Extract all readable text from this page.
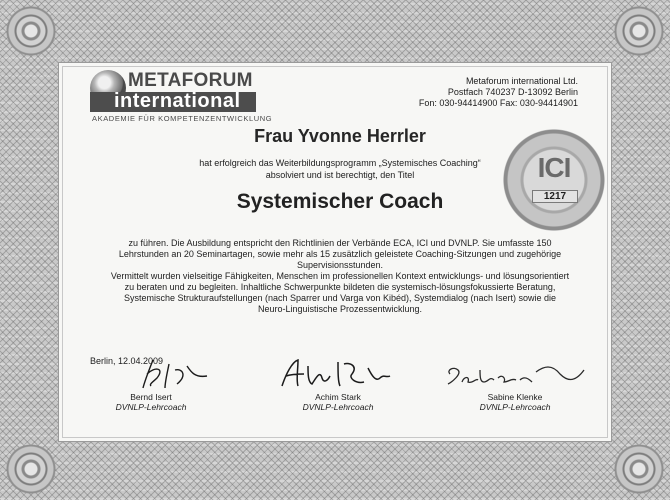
METAFORUM
international
AKADEMIE FÜR KOMPETENZENTWICKLUNG
Metaforum international Ltd.
Postfach 740237 D-13092 Berlin
Fon: 030-94414900 Fax: 030-94414901
ICI
1217
Frau Yvonne Herrler
hat erfolgreich das Weiterbildungsprogramm „Systemisches Coaching“
absolviert und ist berechtigt, den Titel
Systemischer Coach

zu führen. Die Ausbildung entspricht den Richtlinien der Verbände ECA, ICI und DVNLP. Sie umfasste 150

Lehrstunden an 20 Seminartagen, sowie mehr als 15 zusätzlich geleistete Coaching-Sitzungen und zugehörige

Supervisionsstunden.

Vermittelt wurden vielseitige Fähigkeiten, Menschen im professionellen Kontext entwicklungs- und lösungsorientiert

zu beraten und zu begleiten. Inhaltliche Schwerpunkte bildeten die systemisch-lösungsfokussierte Beratung,

Systemische Strukturaufstellungen (nach Sparrer und Varga von Kibéd), Systemdialog (nach Isert) sowie die

Neuro-Linguistische Prozessentwicklung.

Berlin, 12.04.2009
Bernd Isert
DVNLP-Lehrcoach
Achim Stark
DVNLP-Lehrcoach
Sabine Klenke
DVNLP-Lehrcoach
